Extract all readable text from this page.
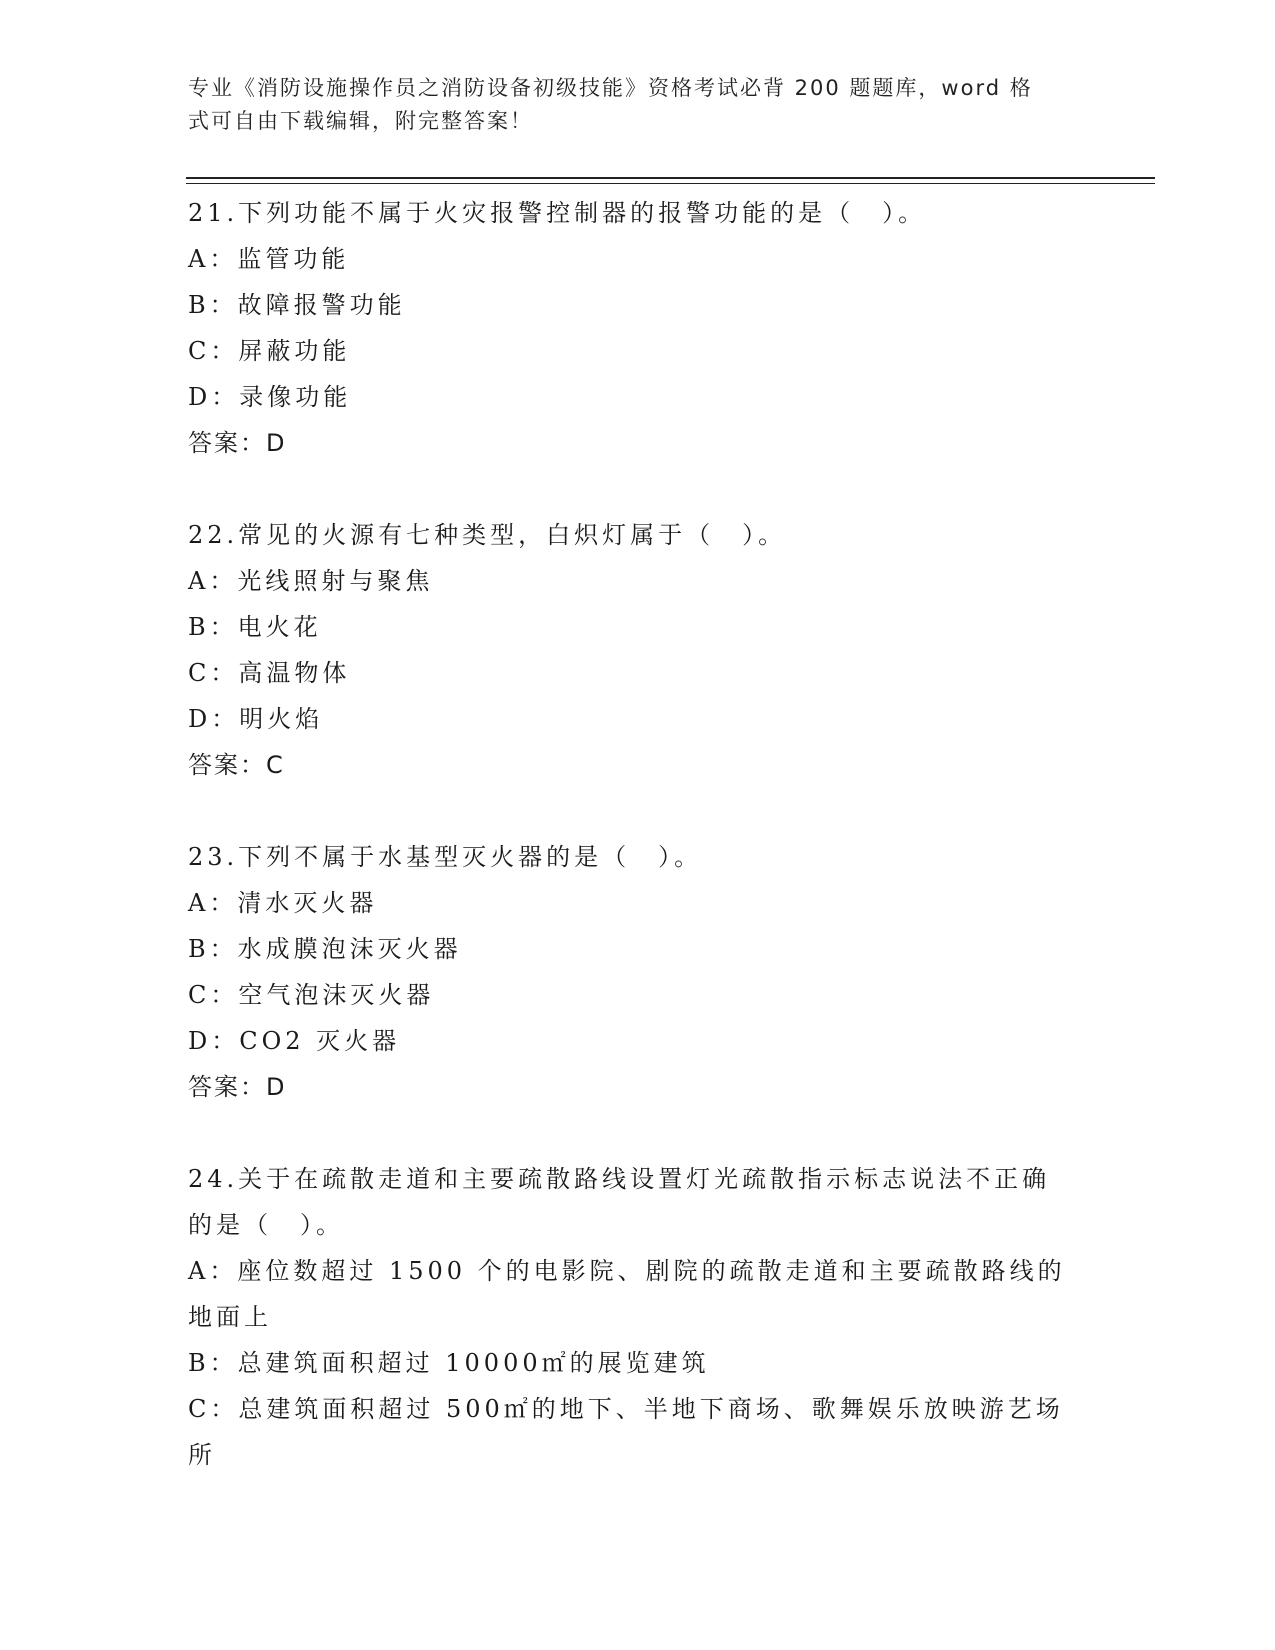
专业《消防设施操作员之消防设备初级技能》资格考试必背 200 题题库，word 格
式可自由下载编辑，附完整答案！
21.下列功能不属于火灾报警控制器的报警功能的是（　）。
A：监管功能
B：故障报警功能
C：屏蔽功能
D：录像功能
答案：D
22.常见的火源有七种类型，白炽灯属于（　）。
A：光线照射与聚焦
B：电火花
C：高温物体
D：明火焰
答案：C
23.下列不属于水基型灭火器的是（　）。
A：清水灭火器
B：水成膜泡沫灭火器
C：空气泡沫灭火器
D：CO2 灭火器
答案：D
24.关于在疏散走道和主要疏散路线设置灯光疏散指示标志说法不正确
的是（　）。
A：座位数超过 1500 个的电影院、剧院的疏散走道和主要疏散路线的
地面上
B：总建筑面积超过 10000㎡的展览建筑
C：总建筑面积超过 500㎡的地下、半地下商场、歌舞娱乐放映游艺场
所
